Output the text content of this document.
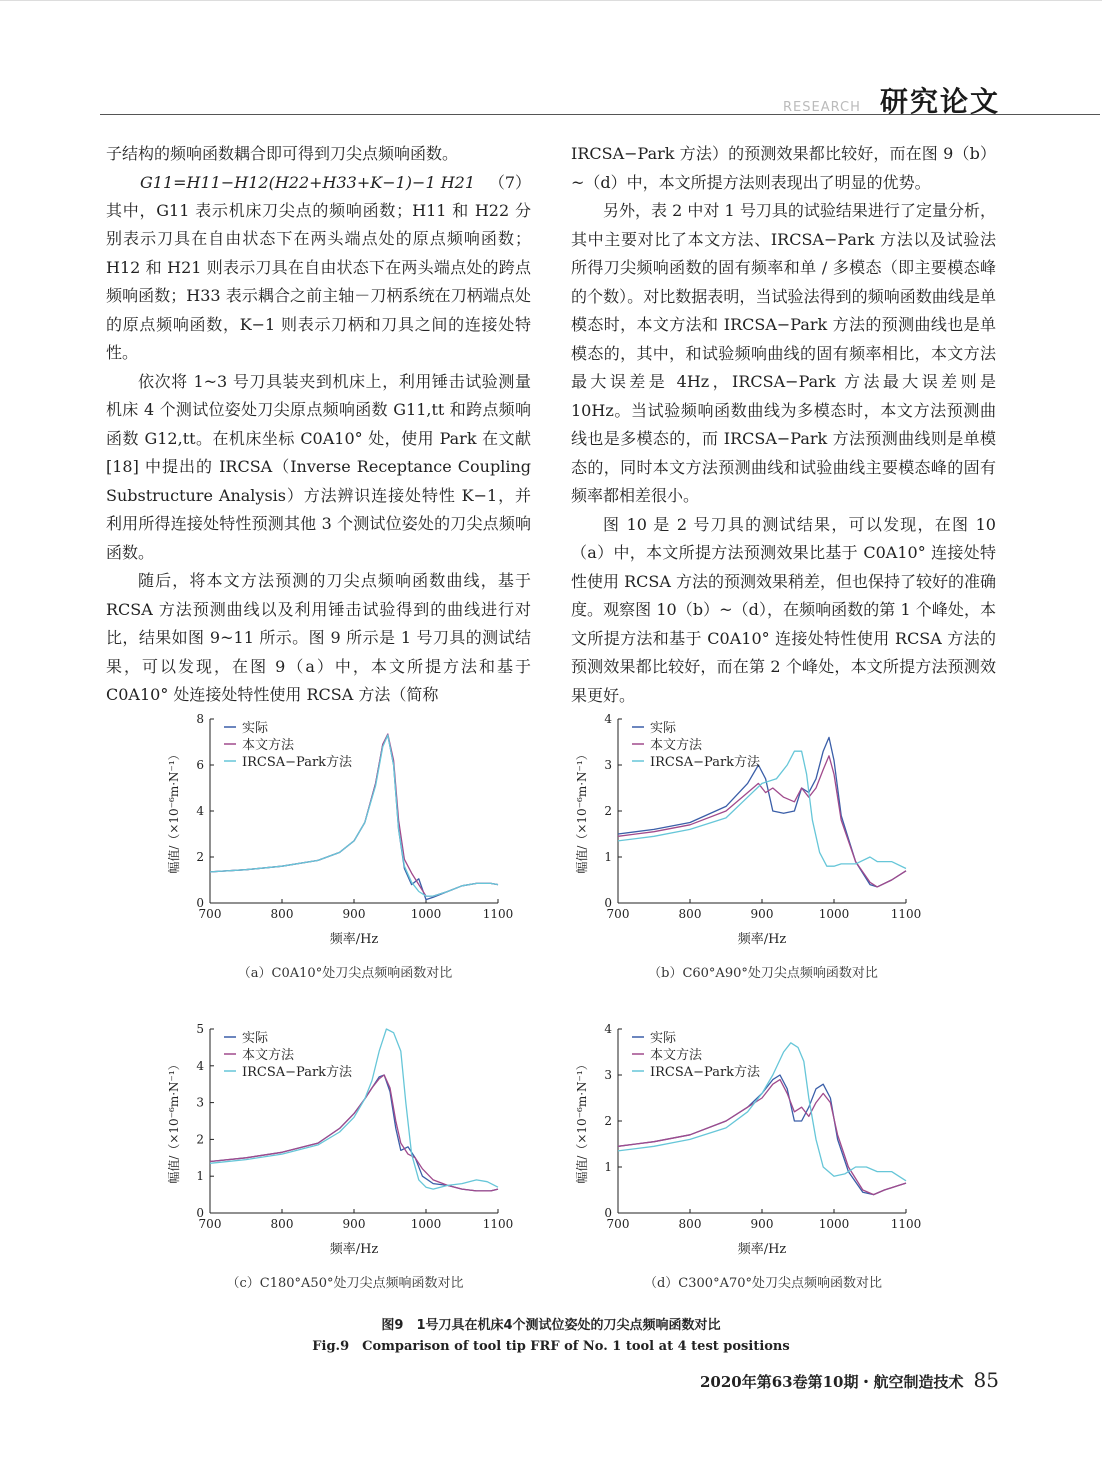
RESEARCH 研究论文

子结构的频响函数耦合即可得到刀尖点频响函数。

G11=H11−H12(H22+H33+K−1)−1 H21 （7）

其中，G11 表示机床刀尖点的频响函数；H11 和 H22 分别表示刀具在自由状态下在两头端点处的原点频响函数；H12 和 H21 则表示刀具在自由状态下在两头端点处的跨点频响函数；H33 表示耦合之前主轴－刀柄系统在刀柄端点处的原点频响函数，K−1 则表示刀柄和刀具之间的连接处特性。

依次将 1~3 号刀具装夹到机床上，利用锤击试验测量机床 4 个测试位姿处刀尖原点频响函数 G11,tt 和跨点频响函数 G12,tt。在机床坐标 C0A10° 处，使用 Park 在文献 [18] 中提出的 IRCSA（Inverse Receptance Coupling Substructure Analysis）方法辨识连接处特性 K−1，并利用所得连接处特性预测其他 3 个测试位姿处的刀尖点频响函数。

随后，将本文方法预测的刀尖点频响函数曲线，基于 RCSA 方法预测曲线以及利用锤击试验得到的曲线进行对比，结果如图 9~11 所示。图 9 所示是 1 号刀具的测试结果，可以发现，在图 9（a）中，本文所提方法和基于 C0A10° 处连接处特性使用 RCSA 方法（简称

IRCSA−Park 方法）的预测效果都比较好，而在图 9（b）~（d）中，本文所提方法则表现出了明显的优势。

另外，表 2 中对 1 号刀具的试验结果进行了定量分析，其中主要对比了本文方法、IRCSA−Park 方法以及试验法所得刀尖频响函数的固有频率和单 / 多模态（即主要模态峰的个数）。对比数据表明，当试验法得到的频响函数曲线是单模态时，本文方法和 IRCSA−Park 方法的预测曲线也是单模态的，其中，和试验频响曲线的固有频率相比，本文方法最大误差是 4Hz，IRCSA−Park 方法最大误差则是 10Hz。当试验频响函数曲线为多模态时，本文方法预测曲线也是多模态的，而 IRCSA−Park 方法预测曲线则是单模态的，同时本文方法预测曲线和试验曲线主要模态峰的固有频率都相差很小。

图 10 是 2 号刀具的测试结果，可以发现，在图 10（a）中，本文所提方法预测效果比基于 C0A10° 连接处特性使用 RCSA 方法的预测效果稍差，但也保持了较好的准确度。观察图 10（b）~（d），在频响函数的第 1 个峰处，本文所提方法和基于 C0A10° 连接处特性使用 RCSA 方法的预测效果都比较好，而在第 2 个峰处，本文所提方法预测效果更好。

700	800	900	1000	1100
0
2
4
6
8
频率/Hz
幅值/（×10⁻⁶m·N⁻¹）
实际
本文方法
IRCSA−Park方法
700	800	900	1000	1100
0
1
2
3
4
频率/Hz
幅值/（×10⁻⁶m·N⁻¹）
实际
本文方法
IRCSA−Park方法
700	800	900	1000	1100
0
1
2
3
4
5
频率/Hz
幅值/（×10⁻⁶m·N⁻¹）
实际
本文方法
IRCSA−Park方法
700	800	900	1000	1100
0
1
2
3
4
频率/Hz
幅值/（×10⁻⁶m·N⁻¹）
实际
本文方法
IRCSA−Park方法
（a）C0A10°处刀尖点频响函数对比	（b）C60°A90°处刀尖点频响函数对比
（c）C180°A50°处刀尖点频响函数对比	（d）C300°A70°处刀尖点频响函数对比
图9　1号刀具在机床4个测试位姿处的刀尖点频响函数对比
Fig.9　Comparison of tool tip FRF of No. 1 tool at 4 test positions
2020年第63卷第10期・航空制造技术 85
